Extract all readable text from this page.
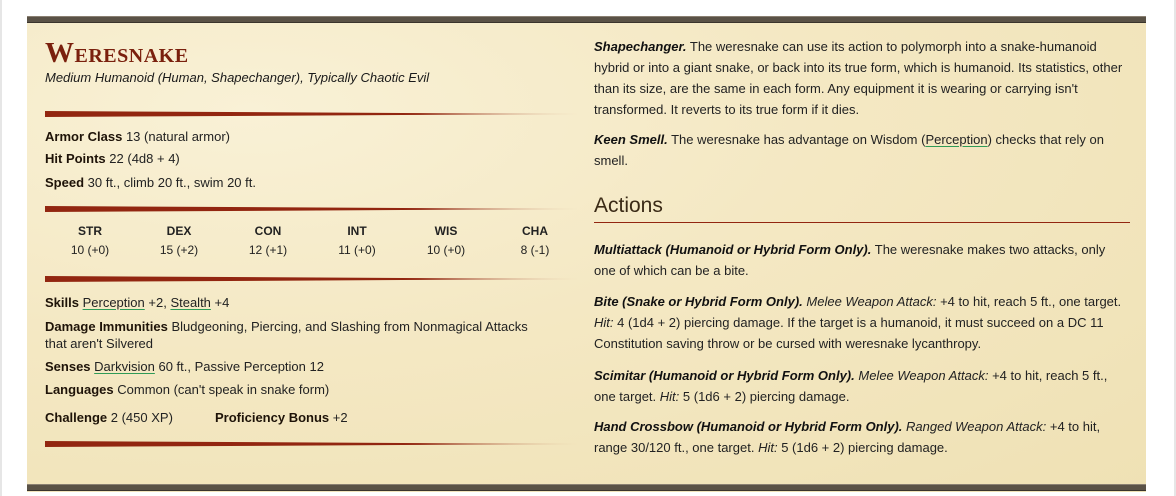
Weresnake
Medium Humanoid (Human, Shapechanger), Typically Chaotic Evil
Armor Class 13 (natural armor)
Hit Points 22 (4d8 + 4)
Speed 30 ft., climb 20 ft., swim 20 ft.
STR
10 (+0)
DEX
15 (+2)
CON
12 (+1)
INT
11 (+0)
WIS
10 (+0)
CHA
8 (-1)
Skills Perception +2, Stealth +4
Damage Immunities Bludgeoning, Piercing, and Slashing from Nonmagical Attacks
that aren't Silvered
Senses Darkvision 60 ft., Passive Perception 12
Languages Common (can't speak in snake form)
Challenge 2 (450 XP)	Proficiency Bonus +2
Shapechanger. The weresnake can use its action to polymorph into a snake-humanoid hybrid or into a giant snake, or back into its true form, which is humanoid. Its statistics, other than its size, are the same in each form. Any equipment it is wearing or carrying isn't transformed. It reverts to its true form if it dies.
Keen Smell. The weresnake has advantage on Wisdom (Perception) checks that rely on smell.
Actions
Multiattack (Humanoid or Hybrid Form Only). The weresnake makes two attacks, only one of which can be a bite.
Bite (Snake or Hybrid Form Only). Melee Weapon Attack: +4 to hit, reach 5 ft., one target. Hit: 4 (1d4 + 2) piercing damage. If the target is a humanoid, it must succeed on a DC 11 Constitution saving throw or be cursed with weresnake lycanthropy.
Scimitar (Humanoid or Hybrid Form Only). Melee Weapon Attack: +4 to hit, reach 5 ft., one target. Hit: 5 (1d6 + 2) piercing damage.
Hand Crossbow (Humanoid or Hybrid Form Only). Ranged Weapon Attack: +4 to hit, range 30/120 ft., one target. Hit: 5 (1d6 + 2) piercing damage.
